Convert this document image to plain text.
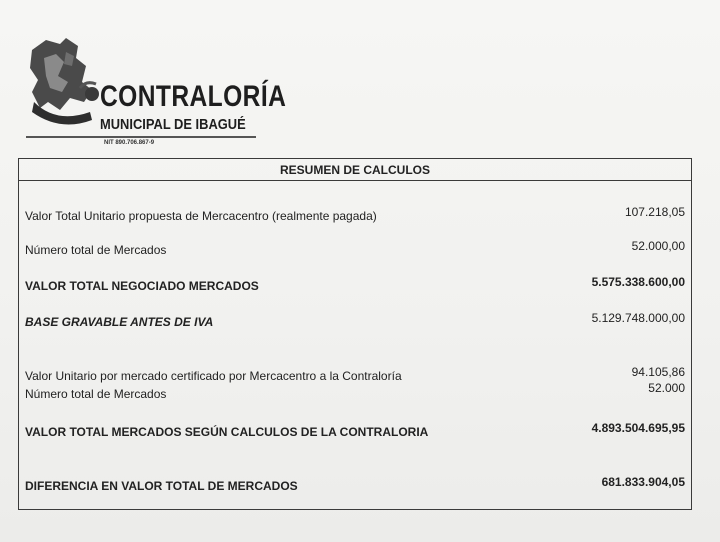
CONTRALORÍA
MUNICIPAL DE IBAGUÉ
NIT 890.706.867-9
RESUMEN DE CALCULOS
Valor Total Unitario propuesta de Mercacentro (realmente pagada)	107.218,05
Número total de Mercados	52.000,00
VALOR TOTAL NEGOCIADO MERCADOS	5.575.338.600,00
BASE GRAVABLE ANTES DE IVA	5.129.748.000,00
Valor Unitario por mercado certificado por Mercacentro a la Contraloría	94.105,86
Número total de Mercados	52.000
VALOR TOTAL MERCADOS SEGÚN CALCULOS DE LA CONTRALORIA	4.893.504.695,95
DIFERENCIA EN VALOR TOTAL DE MERCADOS	681.833.904,05
